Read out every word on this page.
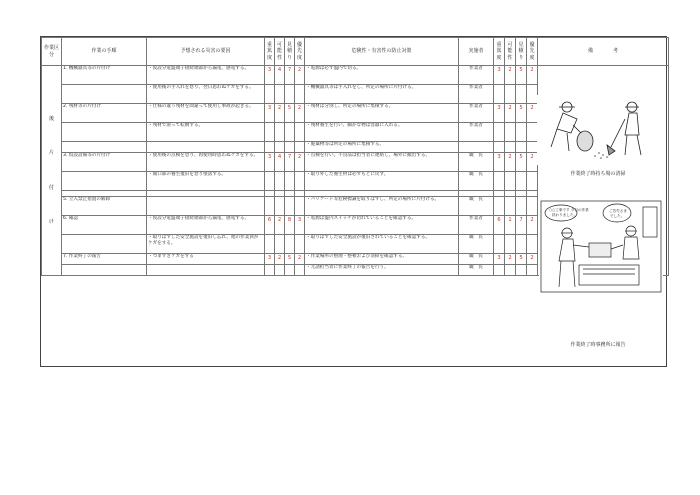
作業区分	作業の手順	予想される災害の要因	重篤度	可能性	見積り	優先度	危険性・有害性の防止対策	実施者	重篤度	可能性	見積り	優先度	備　　　　考	

後
片
付
け	1. 機械器具等の片付け	・仮設分電盤端子接続端部から漏電、感電する。	3	4	7	2	・電源は必ず盤内で切る。	作業者	3	2	5	2		
		・使用後の手入れを怠り、翌日思わぬケガをする。					・機械器具等は手入れをし、所定の場所に片付ける。	作業者						
	2. 残材等の片付け	・仕様の違う残材を間違って使用し事故が起きる。	3	2	5	2	・残材は分別し、所定の場所に集積する。	作業者	3	2	5	2		
		・残材で滑って転倒する。					・残材養生を行い、細かな物は容器に入れる。	作業者						
							・廃棄物等は所定の場所に集積する。							
	3. 仮設設備等の片付け	・使用後の点検を怠り、再使用時思わぬケガをする。	3	4	7	2	・点検を行い、不良品は担当者に連絡し、場外に搬出する。	職　長	3	2	5	2		
		・開口部の養生復旧を怠り墜落する。					・取り外した養生材は必ずもとに戻す。	職　長						

	5. 立入禁止措置の解除						・バリケード等危険標識を取りはずし、所定の場所に片付ける。	職　長						
	6. 確認	・仮設分電盤端子接続端部から漏電、感電する。	6	2	8	3	・電源は盤内スイッチが切れていることを確認する。	作業者	6	1	7	2		
		・取りはずした安全施設を復旧し忘れ、他の作業員がケガをする。					・取りはずした安全施設が復旧されていることを確認する。	職　長						
	7. 作業終了の報告	・つまずきケガをする	3	2	5	2	・作業場所の整理・整頓および清掃を確認する。	職　長	3	2	5	2		
							・元請担当者に作業終了の報告を行う。	職　長						
作業終了時持ち場の清掃
○○工事です 今日の作業
終わりました。
ご苦労さま
でした。
作業終了時事務所に報告
